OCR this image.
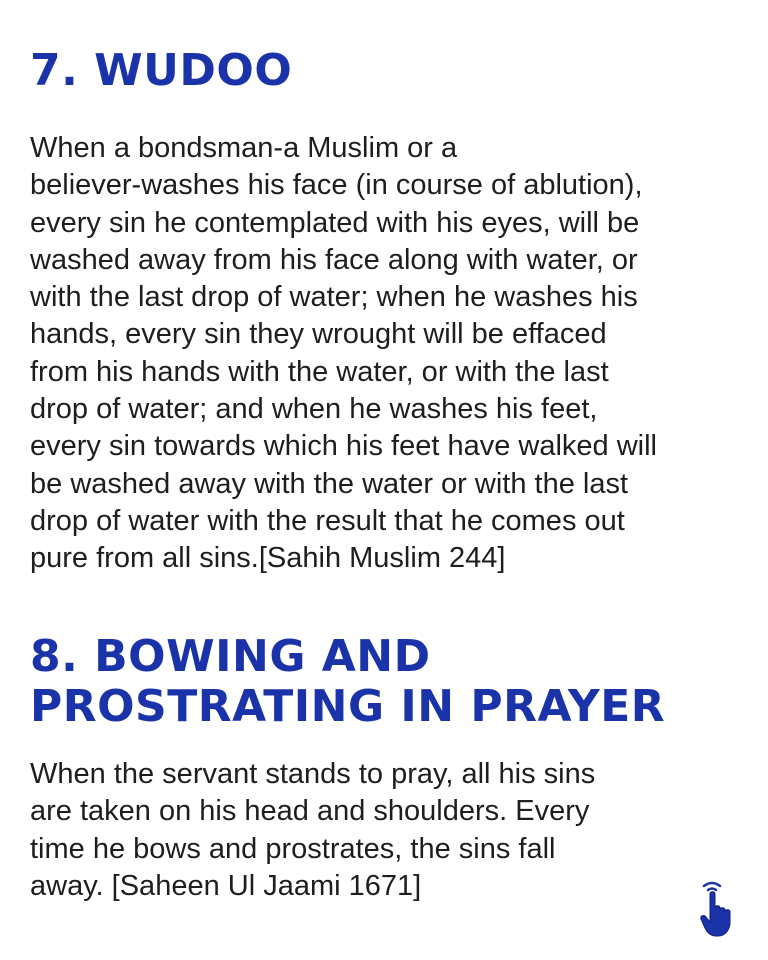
7. WUDOO
When a bondsman-a Muslim or a
believer-washes his face (in course of ablution),
every sin he contemplated with his eyes, will be
washed away from his face along with water, or
with the last drop of water; when he washes his
hands, every sin they wrought will be effaced
from his hands with the water, or with the last
drop of water; and when he washes his feet,
every sin towards which his feet have walked will
be washed away with the water or with the last
drop of water with the result that he comes out
pure from all sins.[Sahih Muslim 244]
8. BOWING AND
PROSTRATING IN PRAYER
When the servant stands to pray, all his sins
are taken on his head and shoulders. Every
time he bows and prostrates, the sins fall
away. [Saheen Ul Jaami 1671]
